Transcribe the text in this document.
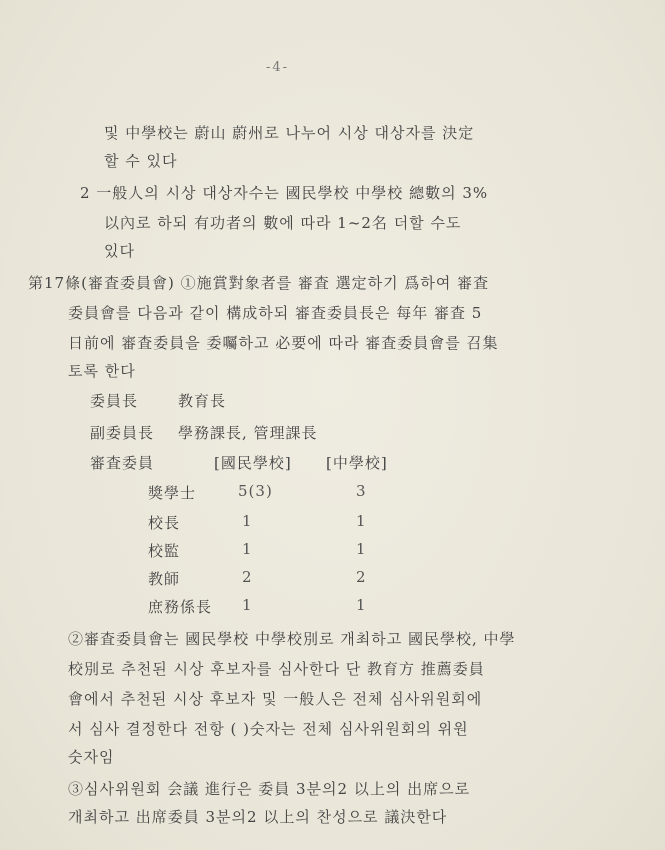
-4-
및 中學校는 蔚山 蔚州로 나누어 시상 대상자를 決定
할 수 있다
2 一般人의 시상 대상자수는 國民學校 中學校 總數의 3%
以內로 하되 有功者의 數에 따라 1~2名 더할 수도
있다
第17條(審査委員會) ①施賞對象者를 審査 選定하기 爲하여 審査
委員會를 다음과 같이 構成하되 審査委員長은 每年 審査 5
日前에 審査委員을 委囑하고 必要에 따라 審査委員會를 召集
토록 한다
委員長	教育長
副委員長 學務課長, 管理課長
審査委員	[國民學校] [中學校]
獎學士	5(3)	3
校長	1	1
校監	1	1
教師	2	2
庶務係長 1	1
②審査委員會는 國民學校 中學校別로 개최하고 國民學校, 中學
校別로 추천된 시상 후보자를 심사한다 단 教育方 推薦委員
會에서 추천된 시상 후보자 및 一般人은 전체 심사위원회에
서 심사 결정한다 전항 ( )숫자는 전체 심사위원회의 위원
숫자임
③심사위원회 会議 進行은 委員 3분의2 以上의 出席으로
개최하고 出席委員 3분의2 以上의 찬성으로 議決한다
